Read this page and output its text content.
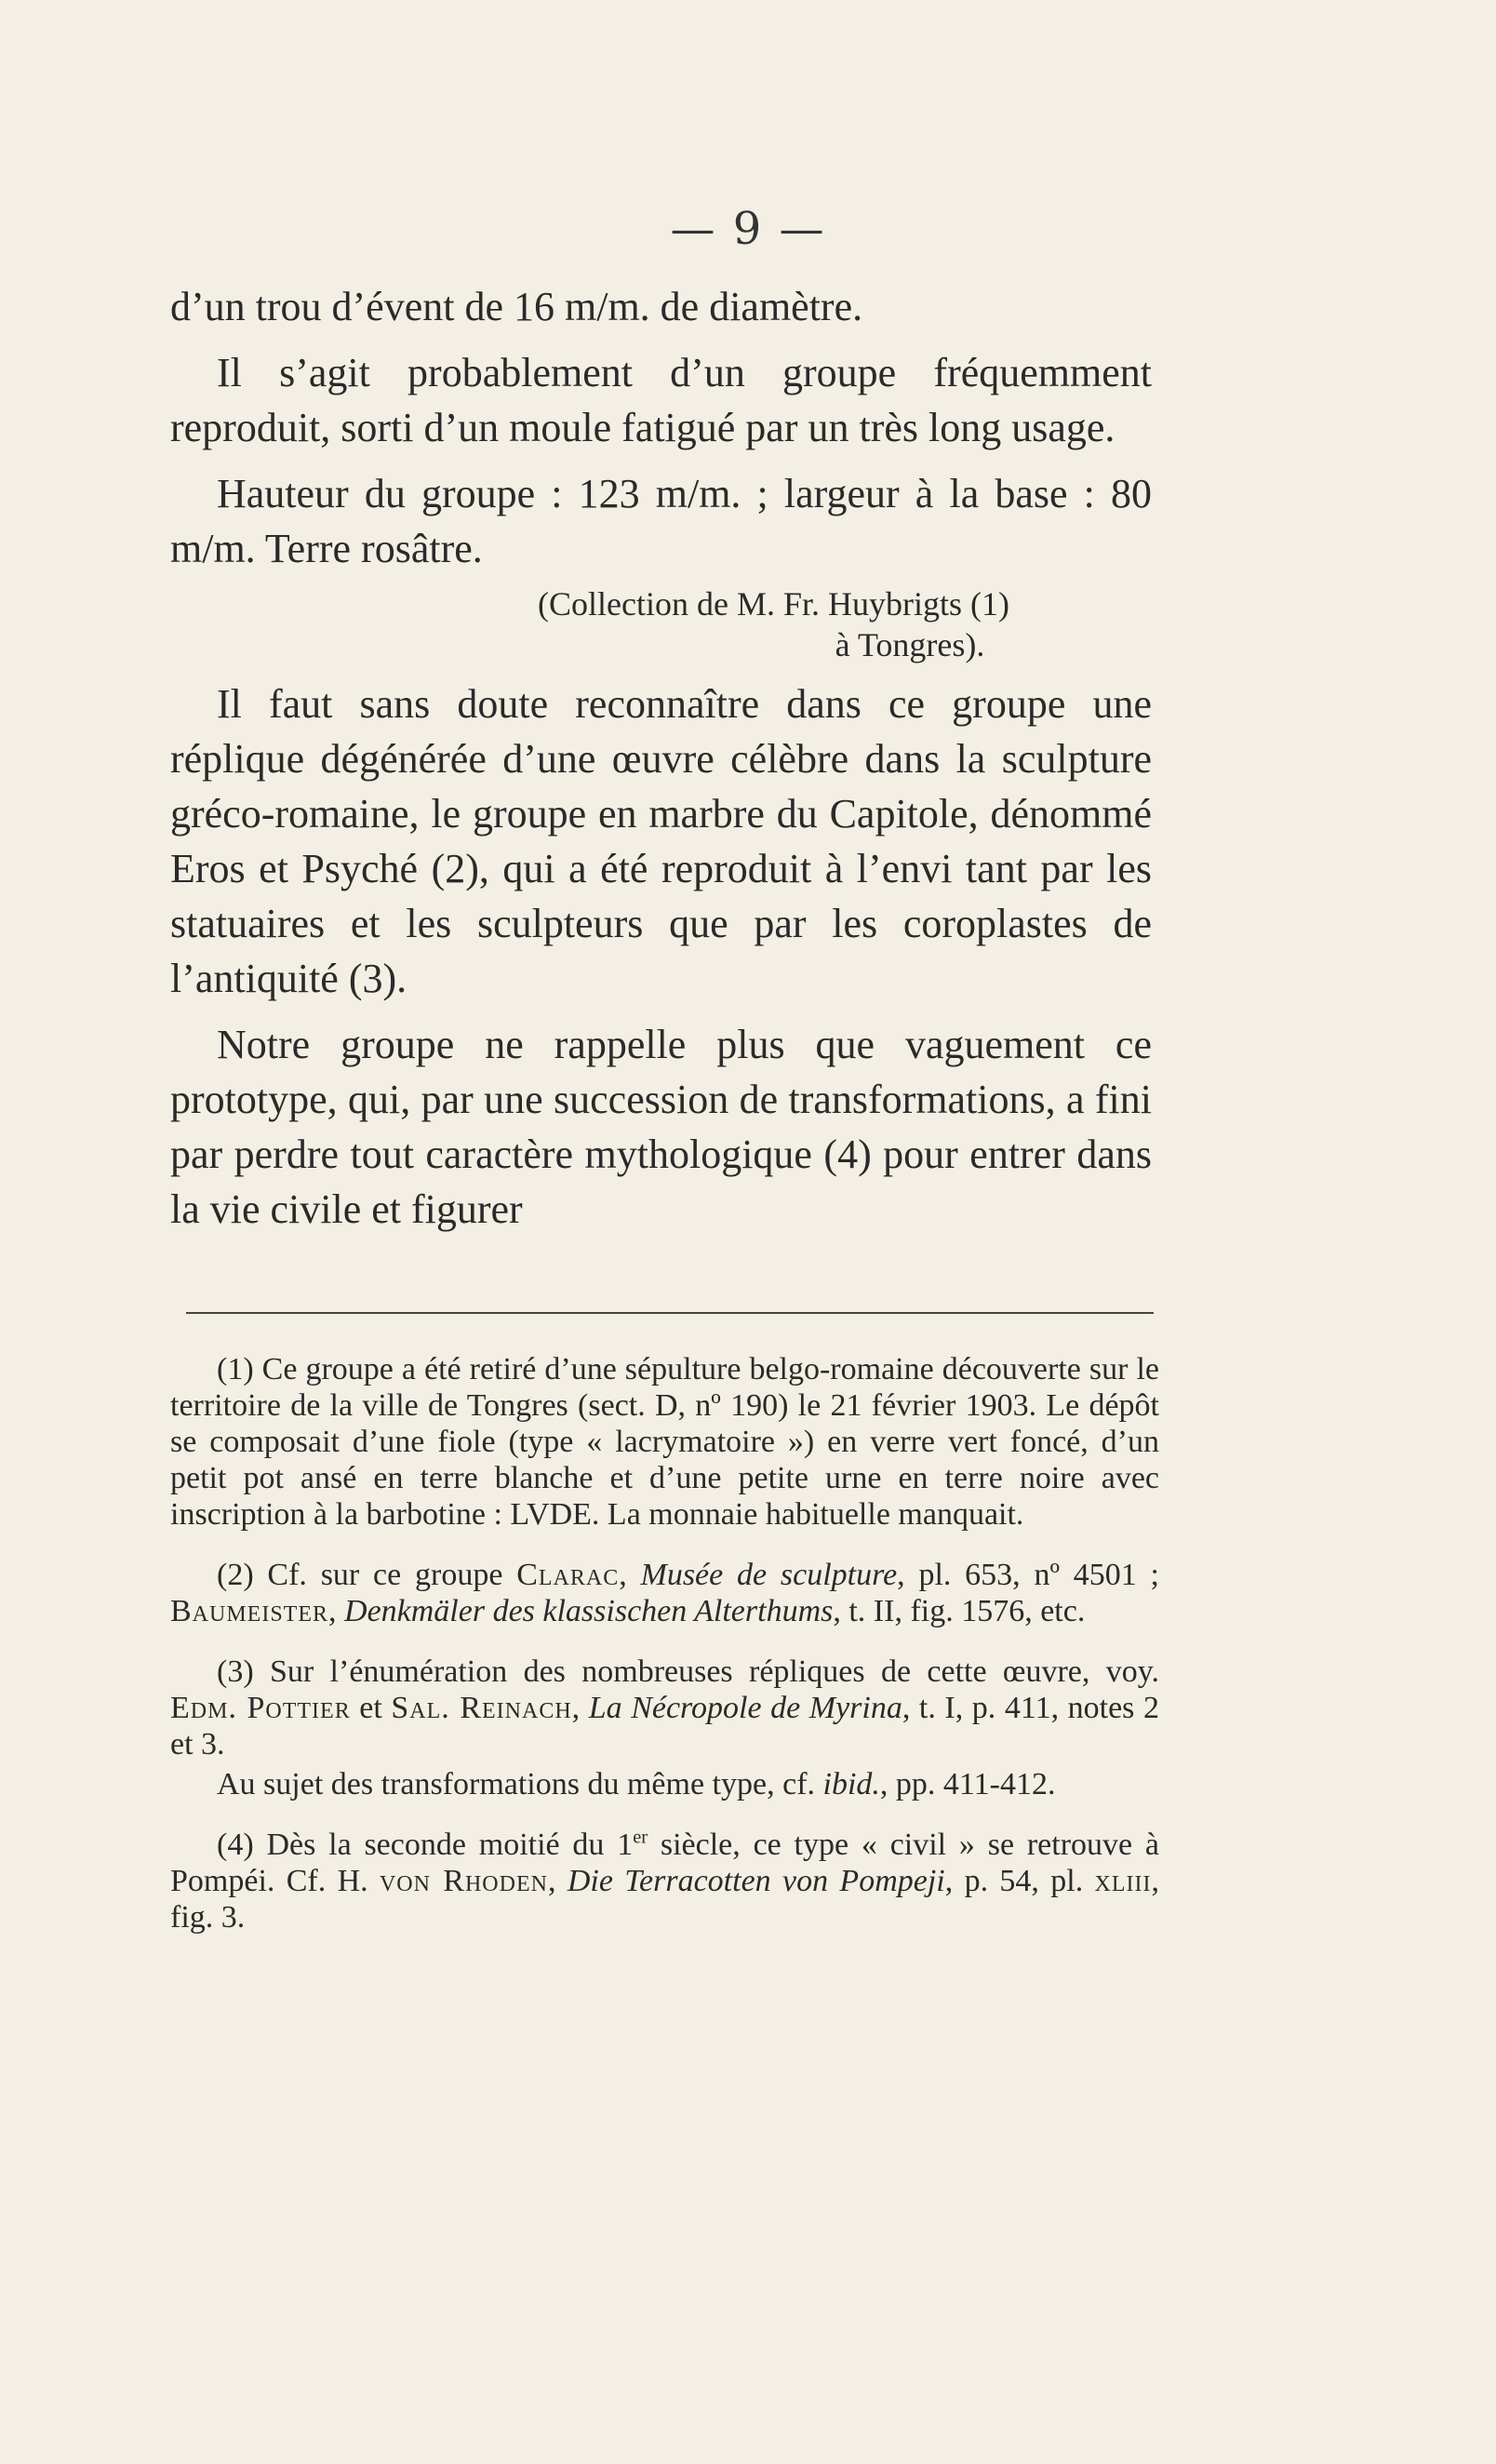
— 9 —

d’un trou d’évent de 16 m/m. de diamètre.

Il s’agit probablement d’un groupe fréquemment reproduit, sorti d’un moule fatigué par un très long usage.

Hauteur du groupe : 123 m/m. ; largeur à la base : 80 m/m. Terre rosâtre.

(Collection de M. Fr. Huybrigts (1)
à Tongres).

Il faut sans doute reconnaître dans ce groupe une réplique dégénérée d’une œuvre célèbre dans la sculpture gréco-romaine, le groupe en marbre du Capitole, dénommé Eros et Psyché (2), qui a été reproduit à l’envi tant par les statuaires et les sculpteurs que par les coroplastes de l’antiquité (3).

Notre groupe ne rappelle plus que vaguement ce prototype, qui, par une succession de transformations, a fini par perdre tout caractère mythologique (4) pour entrer dans la vie civile et figurer

(1) Ce groupe a été retiré d’une sépulture belgo-romaine découverte sur le territoire de la ville de Tongres (sect. D, nº 190) le 21 février 1903. Le dépôt se composait d’une fiole (type « lacrymatoire ») en verre vert foncé, d’un petit pot ansé en terre blanche et d’une petite urne en terre noire avec inscription à la barbotine : LVDE. La monnaie habituelle manquait.

(2) Cf. sur ce groupe Clarac, Musée de sculpture, pl. 653, nº 4501 ; Baumeister, Denkmäler des klassischen Alterthums, t. II, fig. 1576, etc.

(3) Sur l’énumération des nombreuses répliques de cette œuvre, voy. Edm. Pottier et Sal. Reinach, La Nécropole de Myrina, t. I, p. 411, notes 2 et 3.

Au sujet des transformations du même type, cf. ibid., pp. 411-412.

(4) Dès la seconde moitié du 1er siècle, ce type « civil » se retrouve à Pompéi. Cf. H. von Rhoden, Die Terracotten von Pompeji, p. 54, pl. xliii, fig. 3.
